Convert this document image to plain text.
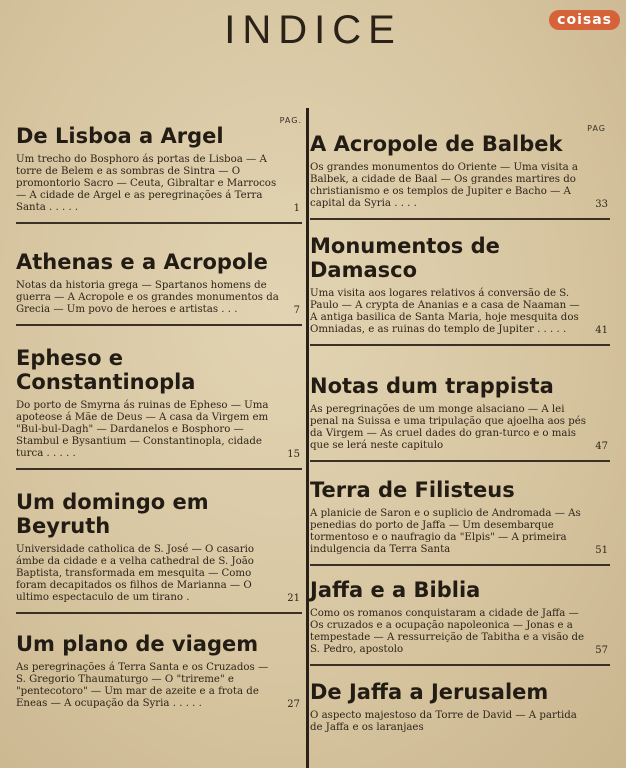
INDICE	coisas
PAG.
De Lisboa a Argel
Um trecho do Bosphoro ás portas de Lisboa — A torre de Belem e as sombras de Sintra — O promontorio Sacro — Ceuta, Gibraltar e Marrocos — A cidade de Argel e as peregrinações á Terra Santa . . . . .	1
Athenas e a Acropole
Notas da historia grega — Spartanos homens de guerra — A Acropole e os grandes monumentos da Grecia — Um povo de heroes e artistas . . .	7
Epheso e Constantinopla
Do porto de Smyrna ás ruinas de Epheso — Uma apoteose á Mãe de Deus — A casa da Virgem em "Bul-bul-Dagh" — Dardanelos e Bosphoro — Stambul e Bysantium — Constantinopla, cidade turca . . . . .	15
Um domingo em Beyruth
Universidade catholica de S. José — O casario ámbe da cidade e a velha cathedral de S. João Baptista, transformada em mesquita — Como foram decapitados os filhos de Marianna — O ultimo espectaculo de um tirano .	21
Um plano de viagem
As peregrinações á Terra Santa e os Cruzados — S. Gregorio Thaumaturgo — O "trireme" e "pentecotoro" — Um mar de azeite e a frota de Eneas — A ocupação da Syria . . . . .	27
PAG
A Acropole de Balbek
Os grandes monumentos do Oriente — Uma visita a Balbek, a cidade de Baal — Os grandes martires do christianismo e os templos de Jupiter e Bacho — A capital da Syria . . . .	33
Monumentos de Damasco
Uma visita aos logares relativos á conversão de S. Paulo — A crypta de Ananias e a casa de Naaman — A antiga basilica de Santa Maria, hoje mesquita dos Omniadas, e as ruinas do templo de Jupiter . . . . .	41
Notas dum trappista
As peregrinações de um monge alsaciano — A lei penal na Suissa e uma tripulação que ajoelha aos pés da Virgem — As cruel dades do gran-turco e o mais que se lerá neste capitulo	47
Terra de Filisteus
A planicie de Saron e o suplicio de Andromada — As penedias do porto de Jaffa — Um desembarque tormentoso e o naufragio da "Elpis" — A primeira indulgencia da Terra Santa	51
Jaffa e a Biblia
Como os romanos conquistaram a cidade de Jaffa — Os cruzados e a ocupação napoleonica — Jonas e a tempestade — A ressurreição de Tabitha e a visão de S. Pedro, apostolo	57
De Jaffa a Jerusalem
O aspecto majestoso da Torre de David — A partida de Jaffa e os laranjaes
